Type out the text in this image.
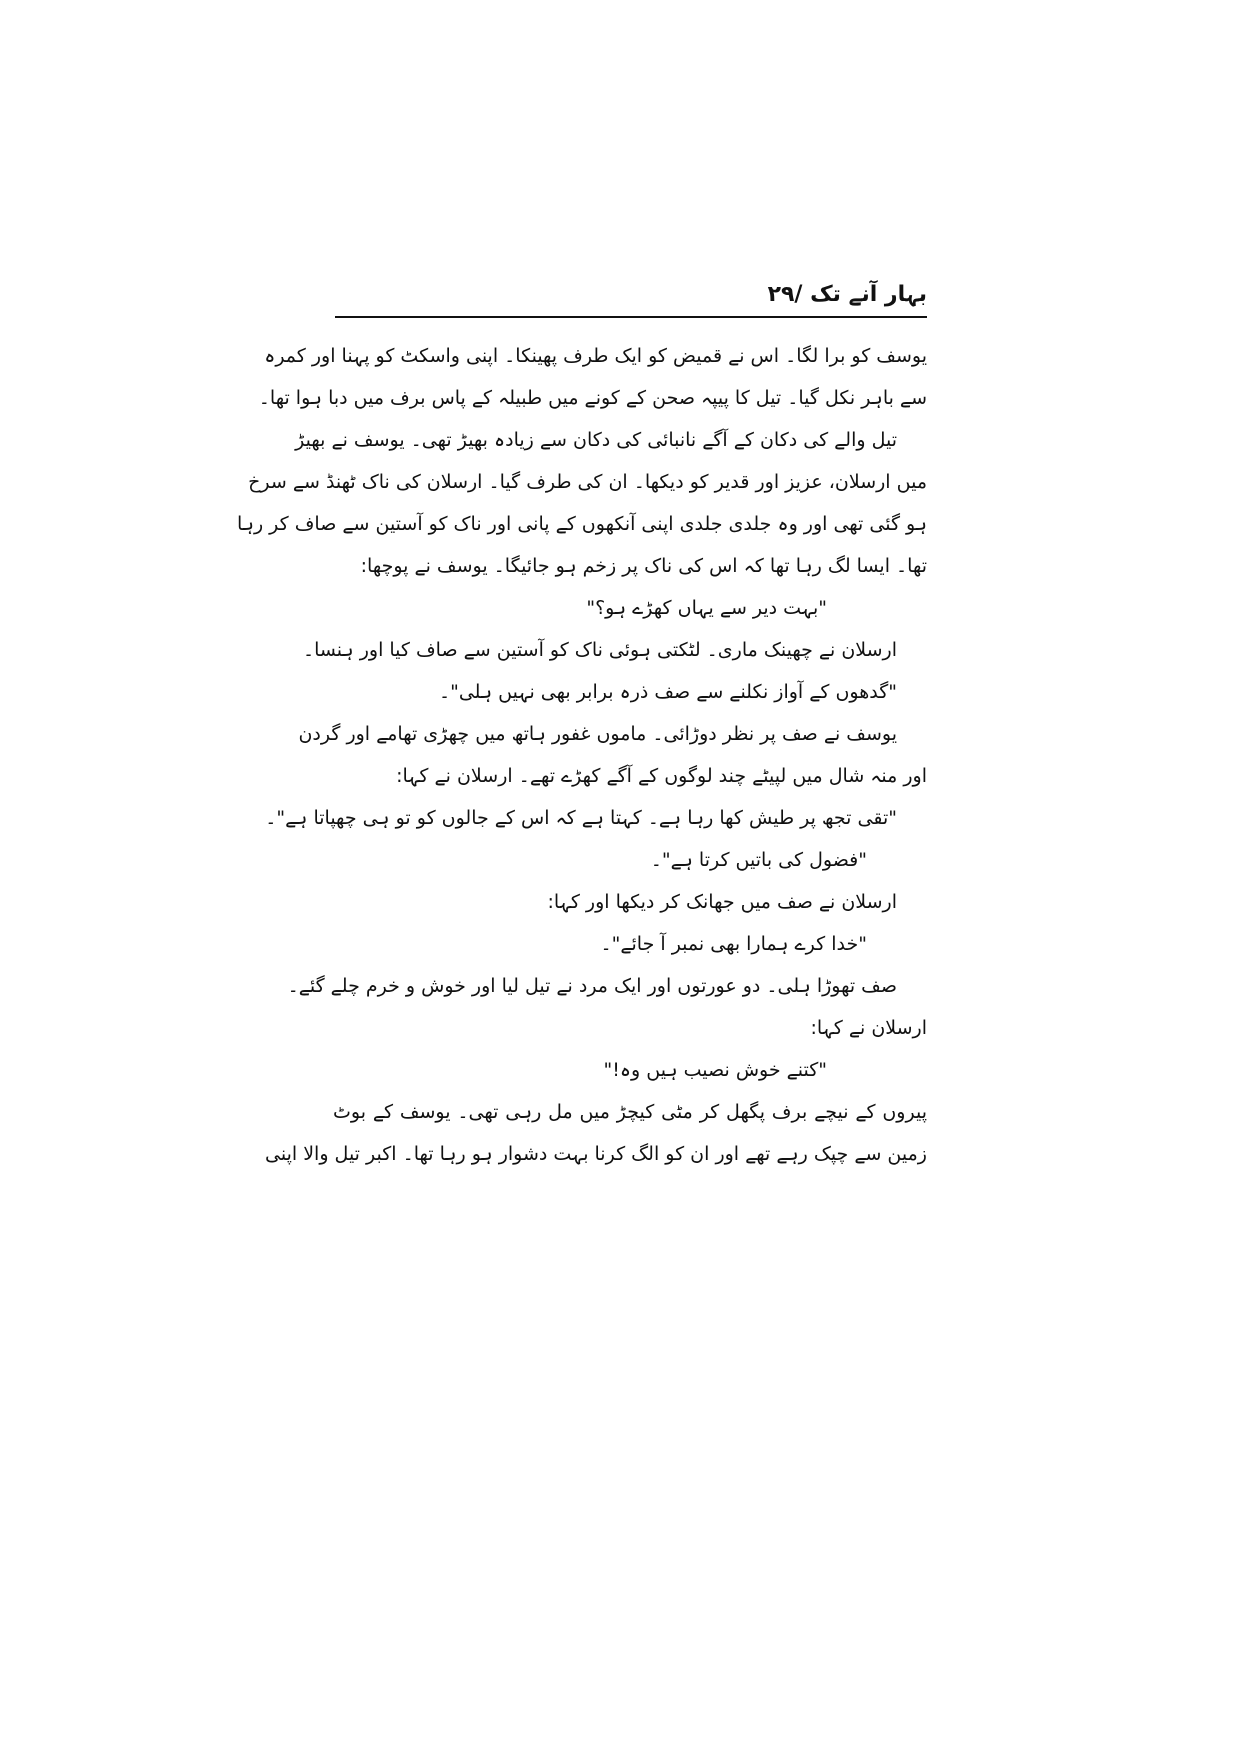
بہار آنے تک /۲۹
یوسف کو برا لگا۔ اس نے قمیض کو ایک طرف پھینکا۔ اپنی واسکٹ کو پہنا اور کمرہ
سے باہر نکل گیا۔ تیل کا پیپہ صحن کے کونے میں طبیلہ کے پاس برف میں دبا ہوا تھا۔
تیل والے کی دکان کے آگے نانبائی کی دکان سے زیادہ بھیڑ تھی۔ یوسف نے بھیڑ
میں ارسلان، عزیز اور قدیر کو دیکھا۔ ان کی طرف گیا۔ ارسلان کی ناک ٹھنڈ سے سرخ
ہو گئی تھی اور وہ جلدی جلدی اپنی آنکھوں کے پانی اور ناک کو آستین سے صاف کر رہا
تھا۔ ایسا لگ رہا تھا کہ اس کی ناک پر زخم ہو جائیگا۔ یوسف نے پوچھا:
"بہت دیر سے یہاں کھڑے ہو؟"
ارسلان نے چھینک ماری۔ لٹکتی ہوئی ناک کو آستین سے صاف کیا اور ہنسا۔
"گدھوں کے آواز نکلنے سے صف ذرہ برابر بھی نہیں ہلی"۔
یوسف نے صف پر نظر دوڑائی۔ ماموں غفور ہاتھ میں چھڑی تھامے اور گردن
اور منہ شال میں لپیٹے چند لوگوں کے آگے کھڑے تھے۔ ارسلان نے کہا:
"تقی تجھ پر طیش کھا رہا ہے۔ کہتا ہے کہ اس کے جالوں کو تو ہی چھپاتا ہے"۔
"فضول کی باتیں کرتا ہے"۔
ارسلان نے صف میں جھانک کر دیکھا اور کہا:
"خدا کرے ہمارا بھی نمبر آ جائے"۔
صف تھوڑا ہلی۔ دو عورتوں اور ایک مرد نے تیل لیا اور خوش و خرم چلے گئے۔
ارسلان نے کہا:
"کتنے خوش نصیب ہیں وہ!"
پیروں کے نیچے برف پگھل کر مٹی کیچڑ میں مل رہی تھی۔ یوسف کے بوٹ
زمین سے چپک رہے تھے اور ان کو الگ کرنا بہت دشوار ہو رہا تھا۔ اکبر تیل والا اپنی
